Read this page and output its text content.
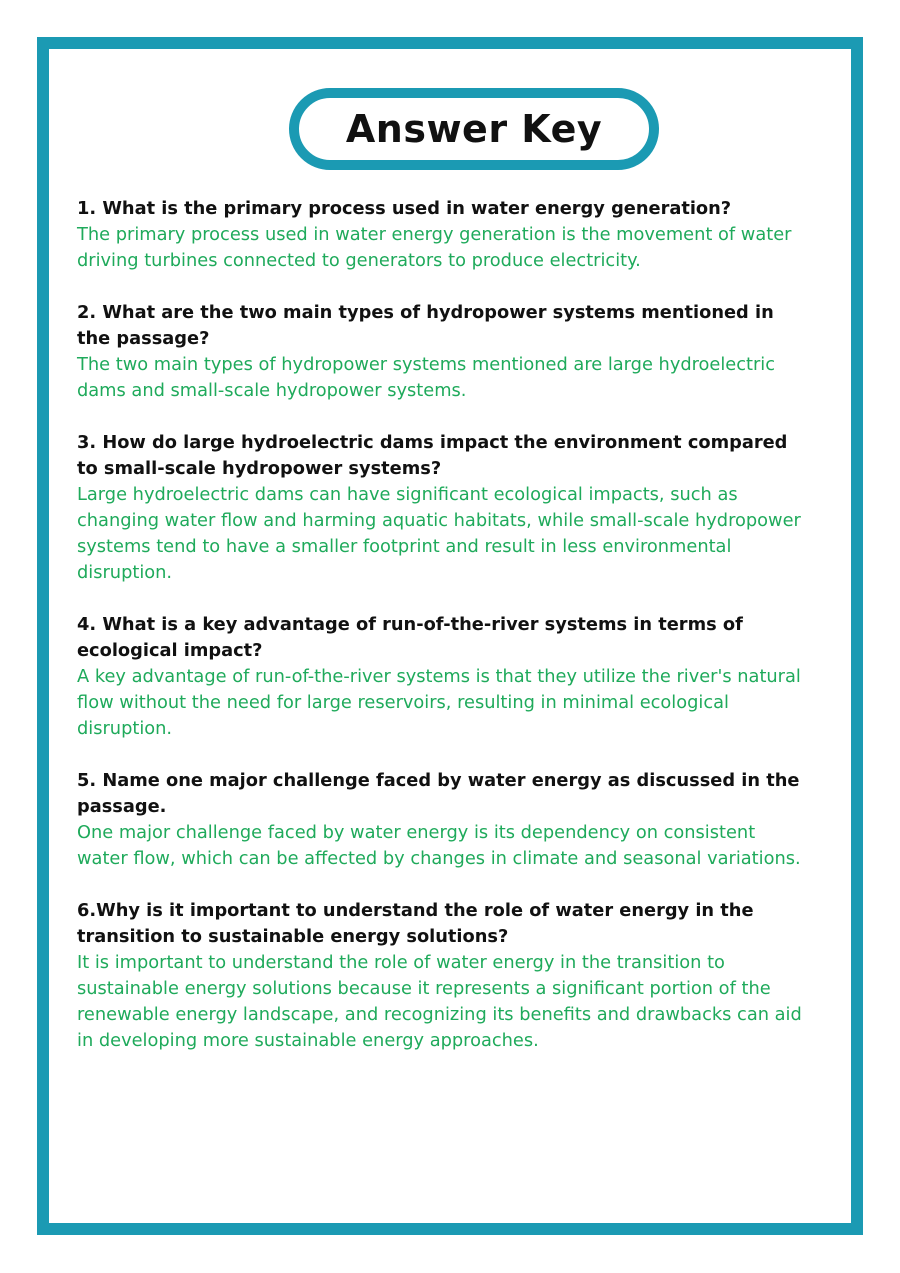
Answer Key

1. What is the primary process used in water energy generation?

The primary process used in water energy generation is the movement of water driving turbines connected to generators to produce electricity.

2. What are the two main types of hydropower systems mentioned in the passage?

The two main types of hydropower systems mentioned are large hydroelectric dams and small-scale hydropower systems.

3. How do large hydroelectric dams impact the environment compared to small-scale hydropower systems?

Large hydroelectric dams can have significant ecological impacts, such as changing water flow and harming aquatic habitats, while small-scale hydropower systems tend to have a smaller footprint and result in less environmental disruption.

4. What is a key advantage of run-of-the-river systems in terms of ecological impact?

A key advantage of run-of-the-river systems is that they utilize the river's natural flow without the need for large reservoirs, resulting in minimal ecological disruption.

5. Name one major challenge faced by water energy as discussed in the passage.

One major challenge faced by water energy is its dependency on consistent water flow, which can be affected by changes in climate and seasonal variations.

6.Why is it important to understand the role of water energy in the transition to sustainable energy solutions?

It is important to understand the role of water energy in the transition to sustainable energy solutions because it represents a significant portion of the renewable energy landscape, and recognizing its benefits and drawbacks can aid in developing more sustainable energy approaches.
